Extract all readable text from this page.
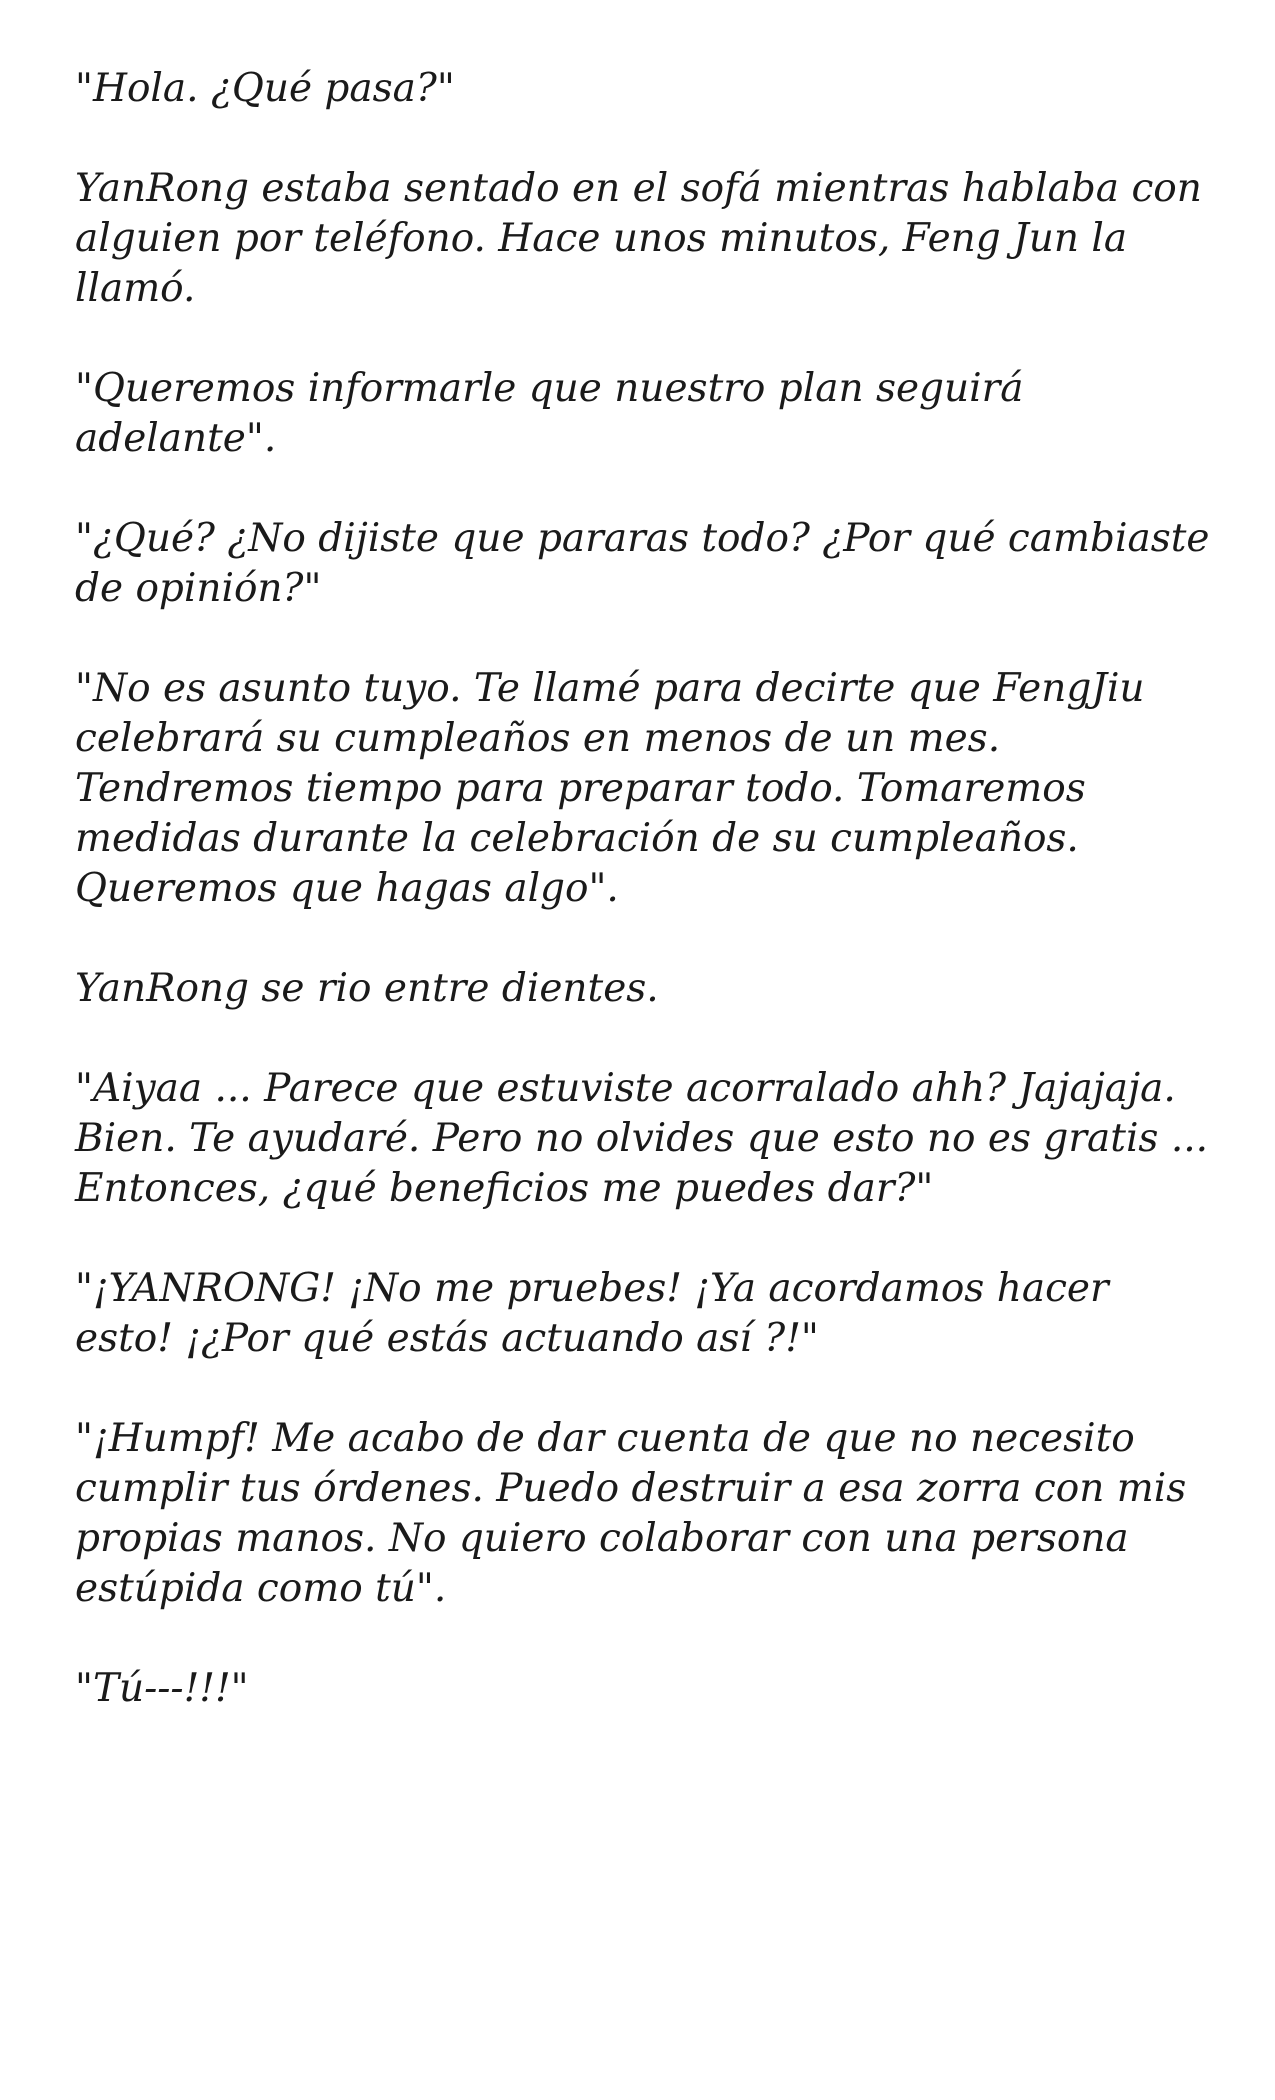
"Hola. ¿Qué pasa?"

YanRong estaba sentado en el sofá mientras hablaba con alguien por teléfono. Hace unos minutos, Feng Jun la llamó.

"Queremos informarle que nuestro plan seguirá adelante".

"¿Qué? ¿No dijiste que pararas todo? ¿Por qué cambiaste de opinión?"

"No es asunto tuyo. Te llamé para decirte que FengJiu celebrará su cumpleaños en menos de un mes. Tendremos tiempo para preparar todo. Tomaremos medidas durante la celebración de su cumpleaños. Queremos que hagas algo".

YanRong se rio entre dientes.

"Aiyaa ... Parece que estuviste acorralado ahh? Jajajaja. Bien. Te ayudaré. Pero no olvides que esto no es gratis ... Entonces, ¿qué beneficios me puedes dar?"

"¡YANRONG! ¡No me pruebes! ¡Ya acordamos hacer esto! ¡¿Por qué estás actuando así ?!"

"¡Humpf! Me acabo de dar cuenta de que no necesito cumplir tus órdenes. Puedo destruir a esa zorra con mis propias manos. No quiero colaborar con una persona estúpida como tú".

"Tú---!!!"
